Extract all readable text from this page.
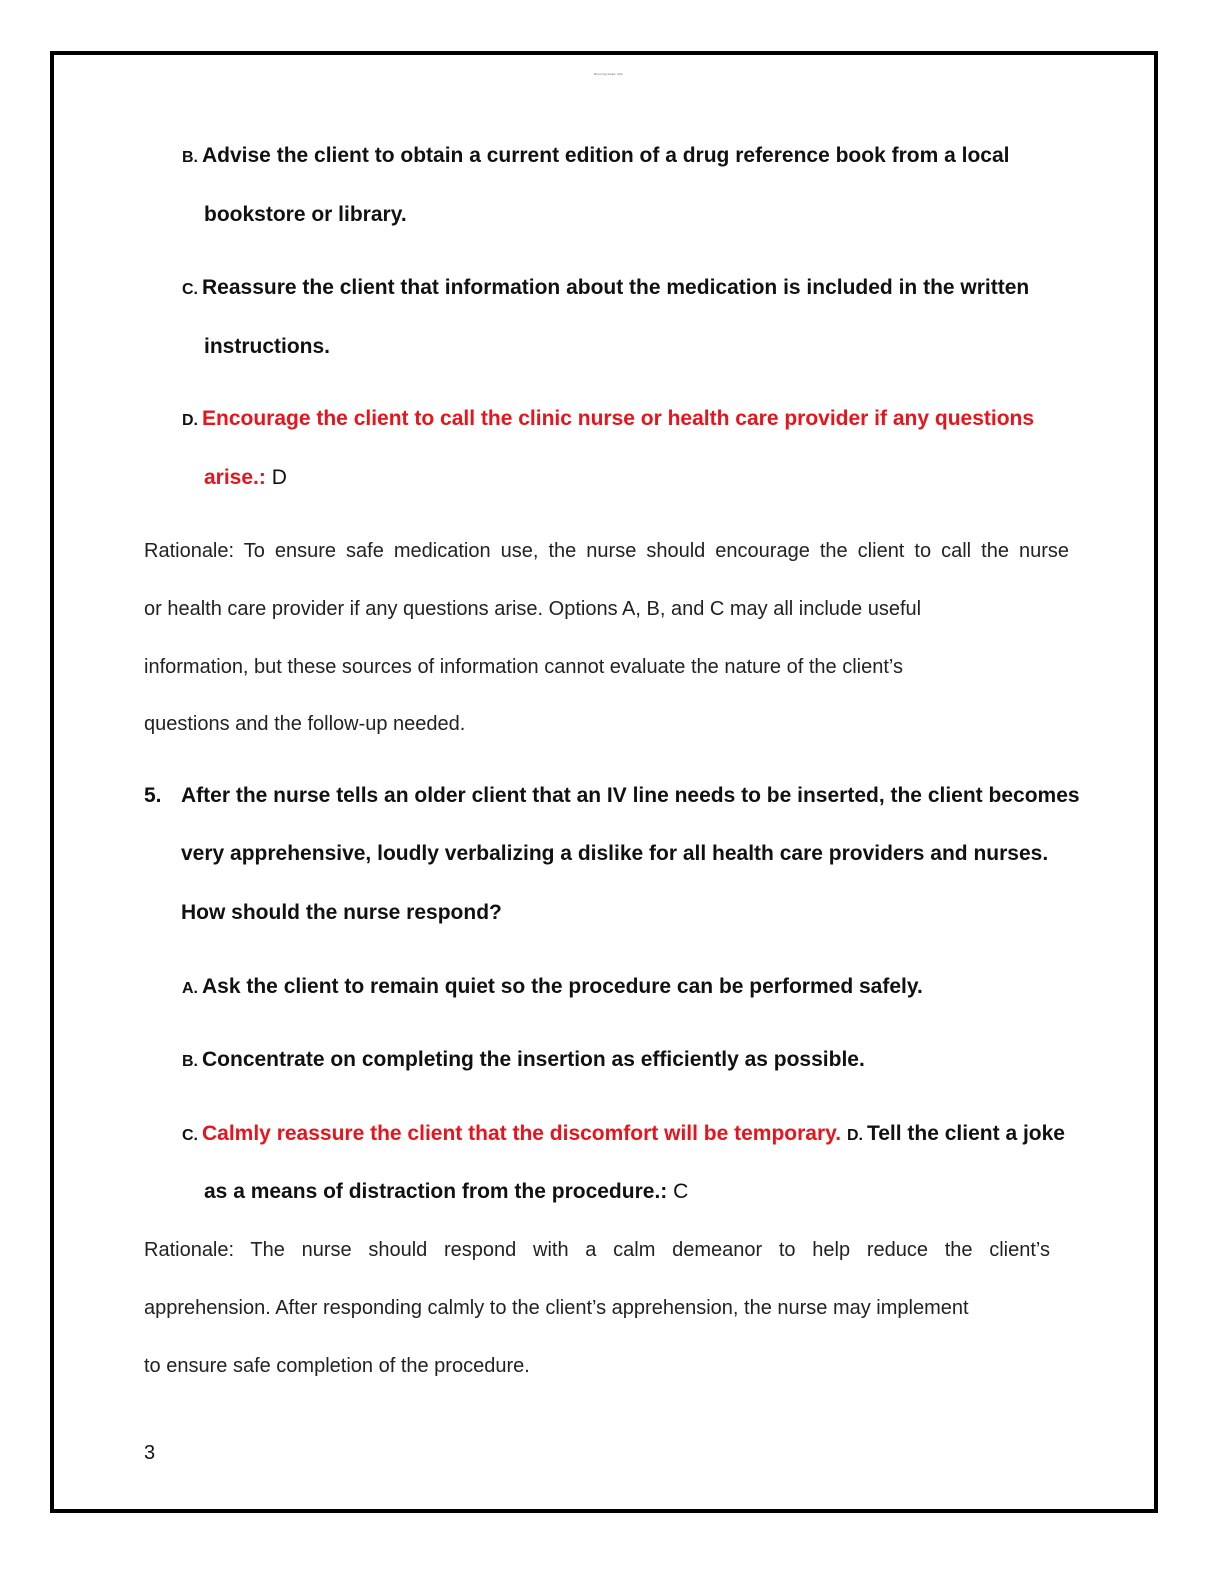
Running head: title
B. Advise the client to obtain a current edition of a drug reference book from a local
bookstore or library.
C. Reassure the client that information about the medication is included in the written
instructions.
D. Encourage the client to call the clinic nurse or health care provider if any questions
arise.: D
Rationale: To ensure safe medication use, the nurse should encourage the client to call the nurse
or health care provider if any questions arise. Options A, B, and C may all include useful
information, but these sources of information cannot evaluate the nature of the client’s
questions and the follow-up needed.
5. After the nurse tells an older client that an IV line needs to be inserted, the client becomes
very apprehensive, loudly verbalizing a dislike for all health care providers and nurses.
How should the nurse respond?
A. Ask the client to remain quiet so the procedure can be performed safely.
B. Concentrate on completing the insertion as efficiently as possible.
C. Calmly reassure the client that the discomfort will be temporary. D. Tell the client a joke
as a means of distraction from the procedure.: C
Rationale: The nurse should respond with a calm demeanor to help reduce the client’s
apprehension. After responding calmly to the client’s apprehension, the nurse may implement
to ensure safe completion of the procedure.
3
